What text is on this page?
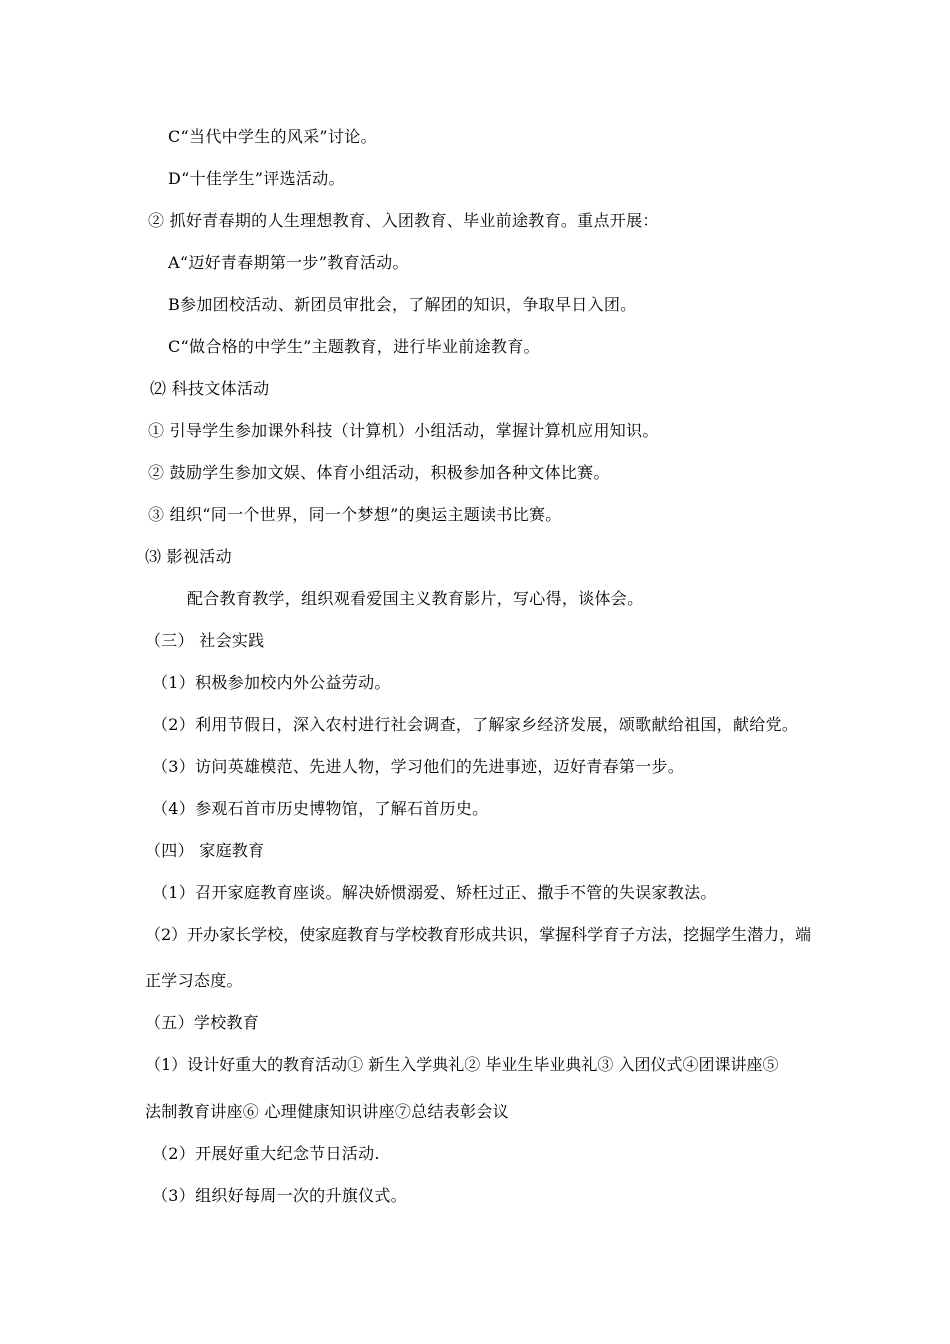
C“当代中学生的风采”讨论。
D“十佳学生”评选活动。
② 抓好青春期的人生理想教育、入团教育、毕业前途教育。重点开展：
A“迈好青春期第一步”教育活动。
B参加团校活动、新团员审批会，了解团的知识，争取早日入团。
C“做合格的中学生”主题教育，进行毕业前途教育。
⑵ 科技文体活动
① 引导学生参加课外科技（计算机）小组活动，掌握计算机应用知识。
② 鼓励学生参加文娱、体育小组活动，积极参加各种文体比赛。
③ 组织“同一个世界，同一个梦想”的奥运主题读书比赛。
⑶ 影视活动
配合教育教学，组织观看爱国主义教育影片，写心得，谈体会。
（三） 社会实践
（1）积极参加校内外公益劳动。
（2）利用节假日，深入农村进行社会调查，了解家乡经济发展，颂歌献给祖国，献给党。
（3）访问英雄模范、先进人物，学习他们的先进事迹，迈好青春第一步。
（4）参观石首市历史博物馆，了解石首历史。
（四） 家庭教育
（1）召开家庭教育座谈。解决娇惯溺爱、矫枉过正、撒手不管的失误家教法。
（2）开办家长学校，使家庭教育与学校教育形成共识，掌握科学育子方法，挖掘学生潜力，端
正学习态度。
（五）学校教育
（1）设计好重大的教育活动① 新生入学典礼② 毕业生毕业典礼③ 入团仪式④团课讲座⑤
法制教育讲座⑥ 心理健康知识讲座⑦总结表彰会议
（2）开展好重大纪念节日活动.
（3）组织好每周一次的升旗仪式。
